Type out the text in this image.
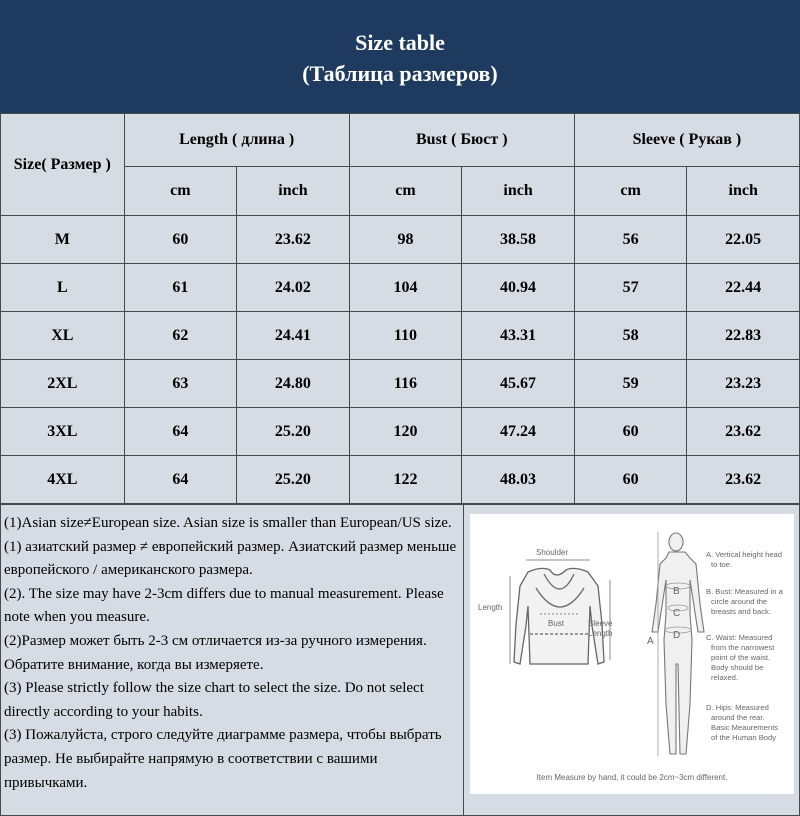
Size table
(Таблица размеров)
Size( Размер )	Length ( длина )		Bust ( Бюст )		Sleeve ( Рукав )	
	cm	inch	cm	inch	cm	inch
M	60	23.62	98	38.58	56	22.05
L	61	24.02	104	40.94	57	22.44
XL	62	24.41	110	43.31	58	22.83
2XL	63	24.80	116	45.67	59	23.23
3XL	64	25.20	120	47.24	60	23.62
4XL	64	25.20	122	48.03	60	23.62

(1)Asian size≠European size. Asian size is smaller than European/US size.

(1) азиатский размер ≠ европейский размер. Азиатский размер меньше европейского / американского размера.

(2). The size may have 2-3cm differs due to manual measurement. Please note when you measure.

(2)Размер может быть 2-3 см отличается из-за ручного измерения. Обратите внимание, когда вы измеряете.

(3) Please strictly follow the size chart to select the size. Do not select directly according to your habits.

(3) Пожалуйста, строго следуйте диаграмме размера, чтобы выбрать размер. Не выбирайте напрямую в соответствии с вашими привычками.

Shoulder
Length
Bust	Sleeve
Length
A
B
C
D
A. Vertical height head
to toe.
B. Bust: Measured in a
circle around the
breasts and back.
C. Waist: Measured
from the narrowest
point of the waist.
Body should be
relaxed.
D. Hips: Measured
around the rear.
Basic Meaurements
of the Human Body
Item Measure by hand, it could be 2cm~3cm different.
